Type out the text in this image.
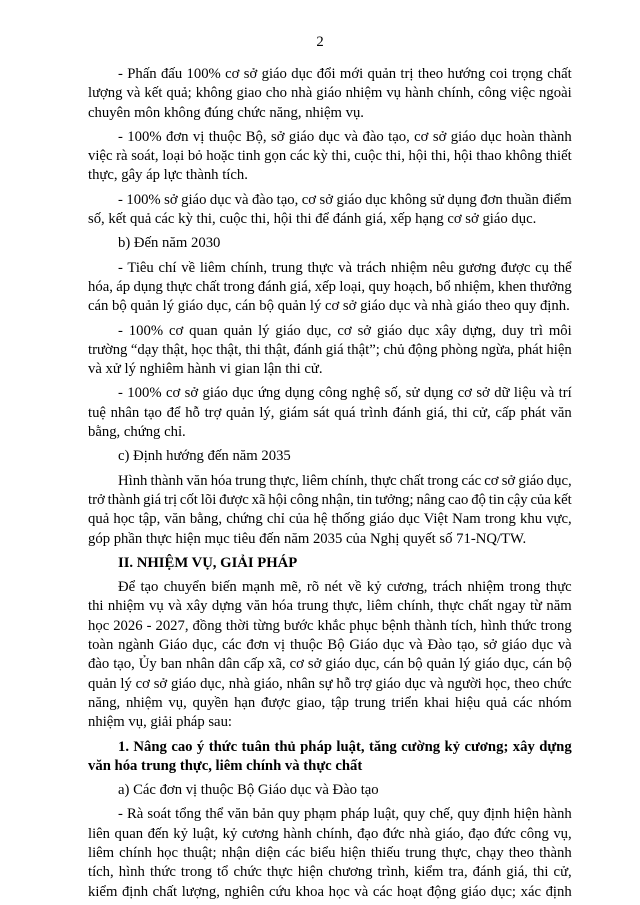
2
- Phấn đấu 100% cơ sở giáo dục đổi mới quản trị theo hướng coi trọng chất
lượng và kết quả; không giao cho nhà giáo nhiệm vụ hành chính, công việc ngoài
chuyên môn không đúng chức năng, nhiệm vụ.
- 100% đơn vị thuộc Bộ, sở giáo dục và đào tạo, cơ sở giáo dục hoàn thành
việc rà soát, loại bỏ hoặc tinh gọn các kỳ thi, cuộc thi, hội thi, hội thao không thiết
thực, gây áp lực thành tích.
- 100% sở giáo dục và đào tạo, cơ sở giáo dục không sử dụng đơn thuần điểm
số, kết quả các kỳ thi, cuộc thi, hội thi để đánh giá, xếp hạng cơ sở giáo dục.
b) Đến năm 2030
- Tiêu chí về liêm chính, trung thực và trách nhiệm nêu gương được cụ thể
hóa, áp dụng thực chất trong đánh giá, xếp loại, quy hoạch, bổ nhiệm, khen thưởng
cán bộ quản lý giáo dục, cán bộ quản lý cơ sở giáo dục và nhà giáo theo quy định.
- 100% cơ quan quản lý giáo dục, cơ sở giáo dục xây dựng, duy trì môi
trường “dạy thật, học thật, thi thật, đánh giá thật”; chủ động phòng ngừa, phát hiện
và xử lý nghiêm hành vi gian lận thi cử.
- 100% cơ sở giáo dục ứng dụng công nghệ số, sử dụng cơ sở dữ liệu và trí
tuệ nhân tạo để hỗ trợ quản lý, giám sát quá trình đánh giá, thi cử, cấp phát văn
bằng, chứng chỉ.
c) Định hướng đến năm 2035
Hình thành văn hóa trung thực, liêm chính, thực chất trong các cơ sở giáo dục,
trở thành giá trị cốt lõi được xã hội công nhận, tin tưởng; nâng cao độ tin cậy của kết
quả học tập, văn bằng, chứng chỉ của hệ thống giáo dục Việt Nam trong khu vực,
góp phần thực hiện mục tiêu đến năm 2035 của Nghị quyết số 71-NQ/TW.
II. NHIỆM VỤ, GIẢI PHÁP
Để tạo chuyển biến mạnh mẽ, rõ nét về kỷ cương, trách nhiệm trong thực
thi nhiệm vụ và xây dựng văn hóa trung thực, liêm chính, thực chất ngay từ năm
học 2026 - 2027, đồng thời từng bước khắc phục bệnh thành tích, hình thức trong
toàn ngành Giáo dục, các đơn vị thuộc Bộ Giáo dục và Đào tạo, sở giáo dục và
đào tạo, Ủy ban nhân dân cấp xã, cơ sở giáo dục, cán bộ quản lý giáo dục, cán bộ
quản lý cơ sở giáo dục, nhà giáo, nhân sự hỗ trợ giáo dục và người học, theo chức
năng, nhiệm vụ, quyền hạn được giao, tập trung triển khai hiệu quả các nhóm
nhiệm vụ, giải pháp sau:
1. Nâng cao ý thức tuân thủ pháp luật, tăng cường kỷ cương; xây dựng
văn hóa trung thực, liêm chính và thực chất
a) Các đơn vị thuộc Bộ Giáo dục và Đào tạo
- Rà soát tổng thể văn bản quy phạm pháp luật, quy chế, quy định hiện hành
liên quan đến kỷ luật, kỷ cương hành chính, đạo đức nhà giáo, đạo đức công vụ,
liêm chính học thuật; nhận diện các biểu hiện thiếu trung thực, chạy theo thành
tích, hình thức trong tổ chức thực hiện chương trình, kiểm tra, đánh giá, thi cử,
kiểm định chất lượng, nghiên cứu khoa học và các hoạt động giáo dục; xác định
